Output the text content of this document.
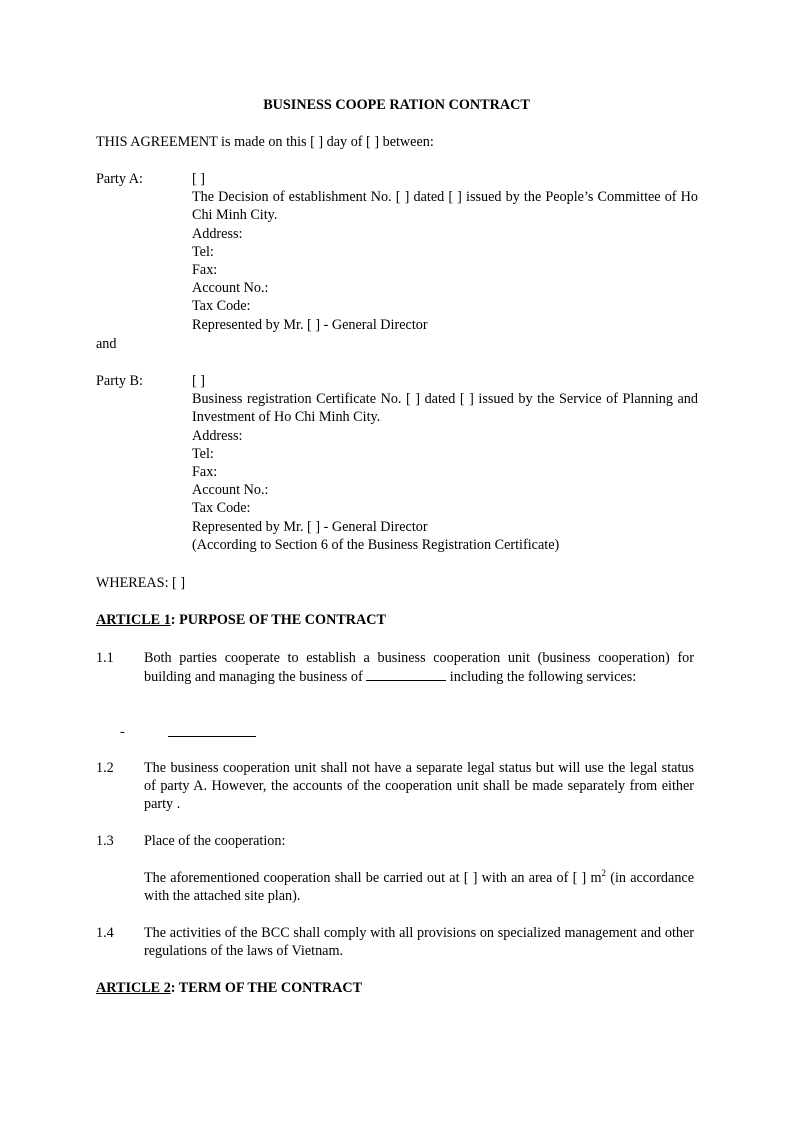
BUSINESS COOPE RATION CONTRACT
THIS AGREEMENT is made on this [ ] day of [ ] between:
Party A:	[ ]
The Decision of establishment No. [ ] dated [ ] issued by the People’s Committee of Ho Chi Minh City.
Address:
Tel:
Fax:
Account No.:
Tax Code:
Represented by Mr. [ ] - General Director
and
Party B:	[ ]
Business registration Certificate No. [ ] dated [ ] issued by the Service of Planning and Investment of Ho Chi Minh City.
Address:
Tel:
Fax:
Account No.:
Tax Code:
Represented by Mr. [ ] - General Director
(According to Section 6 of the Business Registration Certificate)
WHEREAS: [ ]
ARTICLE 1: PURPOSE OF THE CONTRACT
1.1 Both parties cooperate to establish a business cooperation unit (business cooperation) for building and managing the business of	including the following services:
-
1.2 The business cooperation unit shall not have a separate legal status but will use the legal status of party A. However, the accounts of the cooperation unit shall be made separately from either party .
1.3 Place of the cooperation:
The aforementioned cooperation shall be carried out at [ ] with an area of [ ] $m^2$ (in accordance with the attached site plan).
1.4 The activities of the BCC shall comply with all provisions on specialized management and other regulations of the laws of Vietnam.
ARTICLE 2: TERM OF THE CONTRACT
